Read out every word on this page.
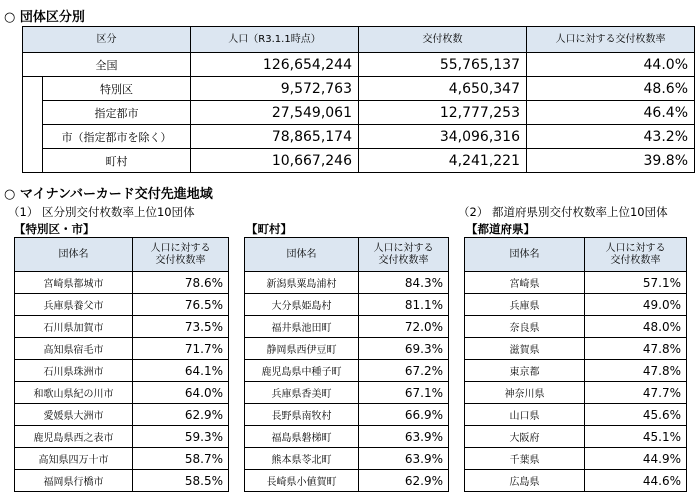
○ 団体区分別
区分		人口（R3.1.1時点）	交付枚数	人口に対する交付枚数率
全国		126,654,244	55,765,137	44.0%
	特別区	9,572,763	4,650,347	48.6%
	指定都市	27,549,061	12,777,253	46.4%
	市（指定都市を除く）	78,865,174	34,096,316	43.2%
	町村	10,667,246	4,241,221	39.8%
○ マイナンバーカード交付先進地域
（1） 区分別交付枚数率上位10団体	（2） 都道府県別交付枚数率上位10団体
【特別区・市】	【町村】	【都道府県】
団体名	人口に対する
交付枚数率
宮崎県都城市	78.6%
兵庫県養父市	76.5%
石川県加賀市	73.5%
高知県宿毛市	71.7%
石川県珠洲市	64.1%
和歌山県紀の川市	64.0%
愛媛県大洲市	62.9%
鹿児島県西之表市	59.3%
高知県四万十市	58.7%
福岡県行橋市	58.5%
団体名	人口に対する
交付枚数率
新潟県粟島浦村	84.3%
大分県姫島村	81.1%
福井県池田町	72.0%
静岡県西伊豆町	69.3%
鹿児島県中種子町	67.2%
兵庫県香美町	67.1%
長野県南牧村	66.9%
福島県磐梯町	63.9%
熊本県苓北町	63.9%
長崎県小値賀町	62.9%
団体名	人口に対する
交付枚数率
宮崎県	57.1%
兵庫県	49.0%
奈良県	48.0%
滋賀県	47.8%
東京都	47.8%
神奈川県	47.7%
山口県	45.6%
大阪府	45.1%
千葉県	44.9%
広島県	44.6%
